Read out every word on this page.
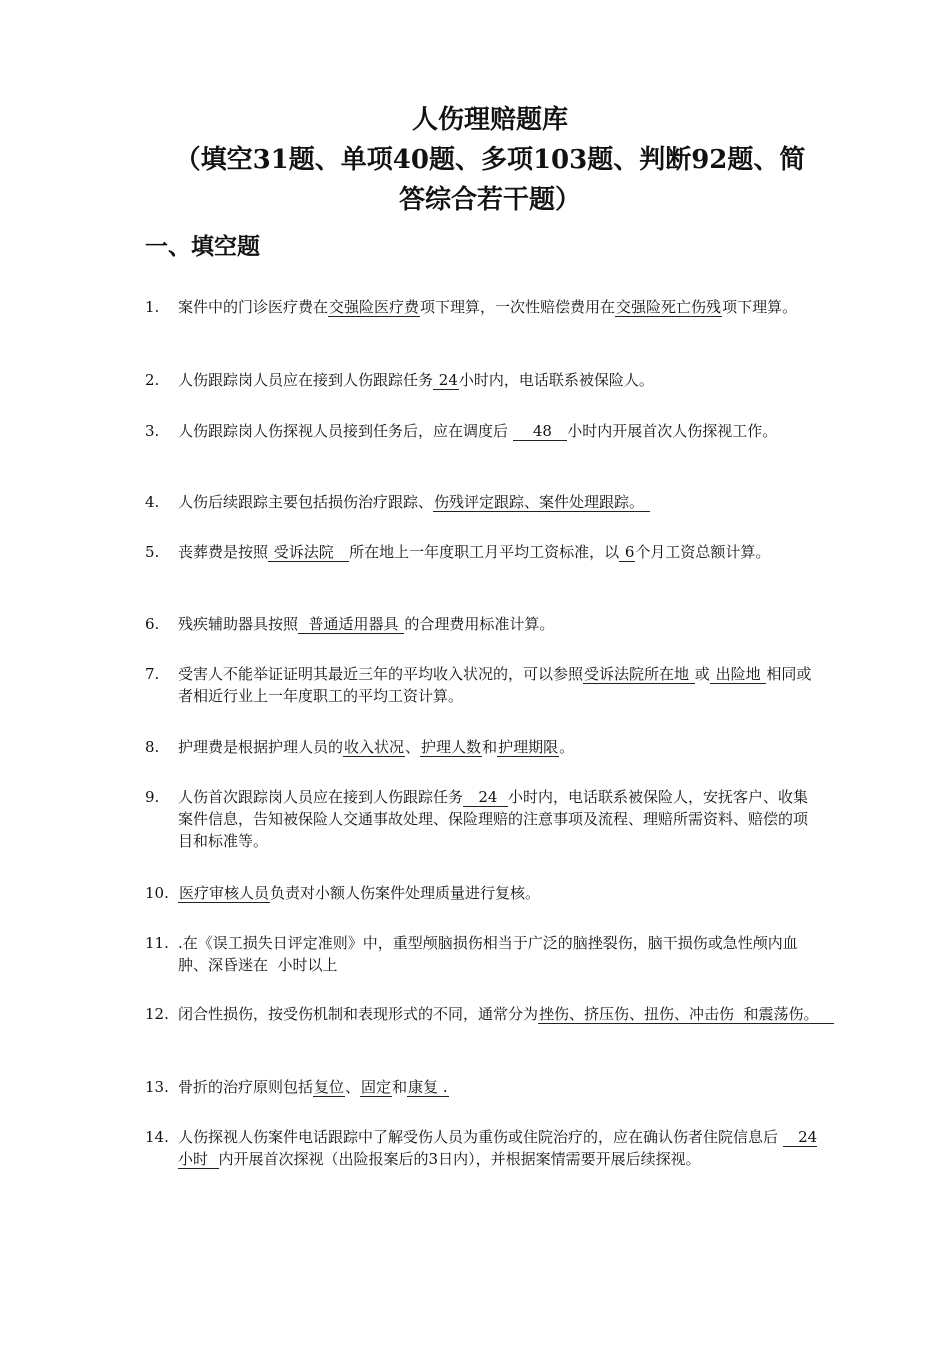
人伤理赔题库
（填空31题、单项40题、多项103题、判断92题、简
答综合若干题）
一、填空题
1. 案件中的门诊医疗费在交强险医疗费项下理算，一次性赔偿费用在交强险死亡伤残项下理算。
2. 人伤跟踪岗人员应在接到人伤跟踪任务 24小时内，电话联系被保险人。
3. 人伤跟踪岗人伤探视人员接到任务后，应在调度后     48   小时内开展首次人伤探视工作。
4. 人伤后续跟踪主要包括损伤治疗跟踪、伤残评定跟踪、案件处理跟踪。
5. 丧葬费是按照 受诉法院   所在地上一年度职工月平均工资标准，以 6个月工资总额计算。
6. 残疾辅助器具按照  普通适用器具 的合理费用标准计算。
7. 受害人不能举证证明其最近三年的平均收入状况的，可以参照受诉法院所在地 或 出险地 相同或者相近行业上一年度职工的平均工资计算。
8. 护理费是根据护理人员的收入状况、护理人数和护理期限。
9. 人伤首次跟踪岗人员应在接到人伤跟踪任务   24  小时内，电话联系被保险人，安抚客户、收集案件信息，告知被保险人交通事故处理、保险理赔的注意事项及流程、理赔所需资料、赔偿的项目和标准等。
10. 医疗审核人员负责对小额人伤案件处理质量进行复核。
11. .在《误工损失日评定准则》中，重型颅脑损伤相当于广泛的脑挫裂伤，脑干损伤或急性颅内血肿、深昏迷在  小时以上
12. 闭合性损伤，按受伤机制和表现形式的不同，通常分为挫伤、挤压伤、扭伤、冲击伤  和震荡伤。
13. 骨折的治疗原则包括复位、固定和康复 .
14. 人伤探视人伤案件电话跟踪中了解受伤人员为重伤或住院治疗的，应在确认伤者住院信息后    24小时  内开展首次探视（出险报案后的3日内），并根据案情需要开展后续探视。
